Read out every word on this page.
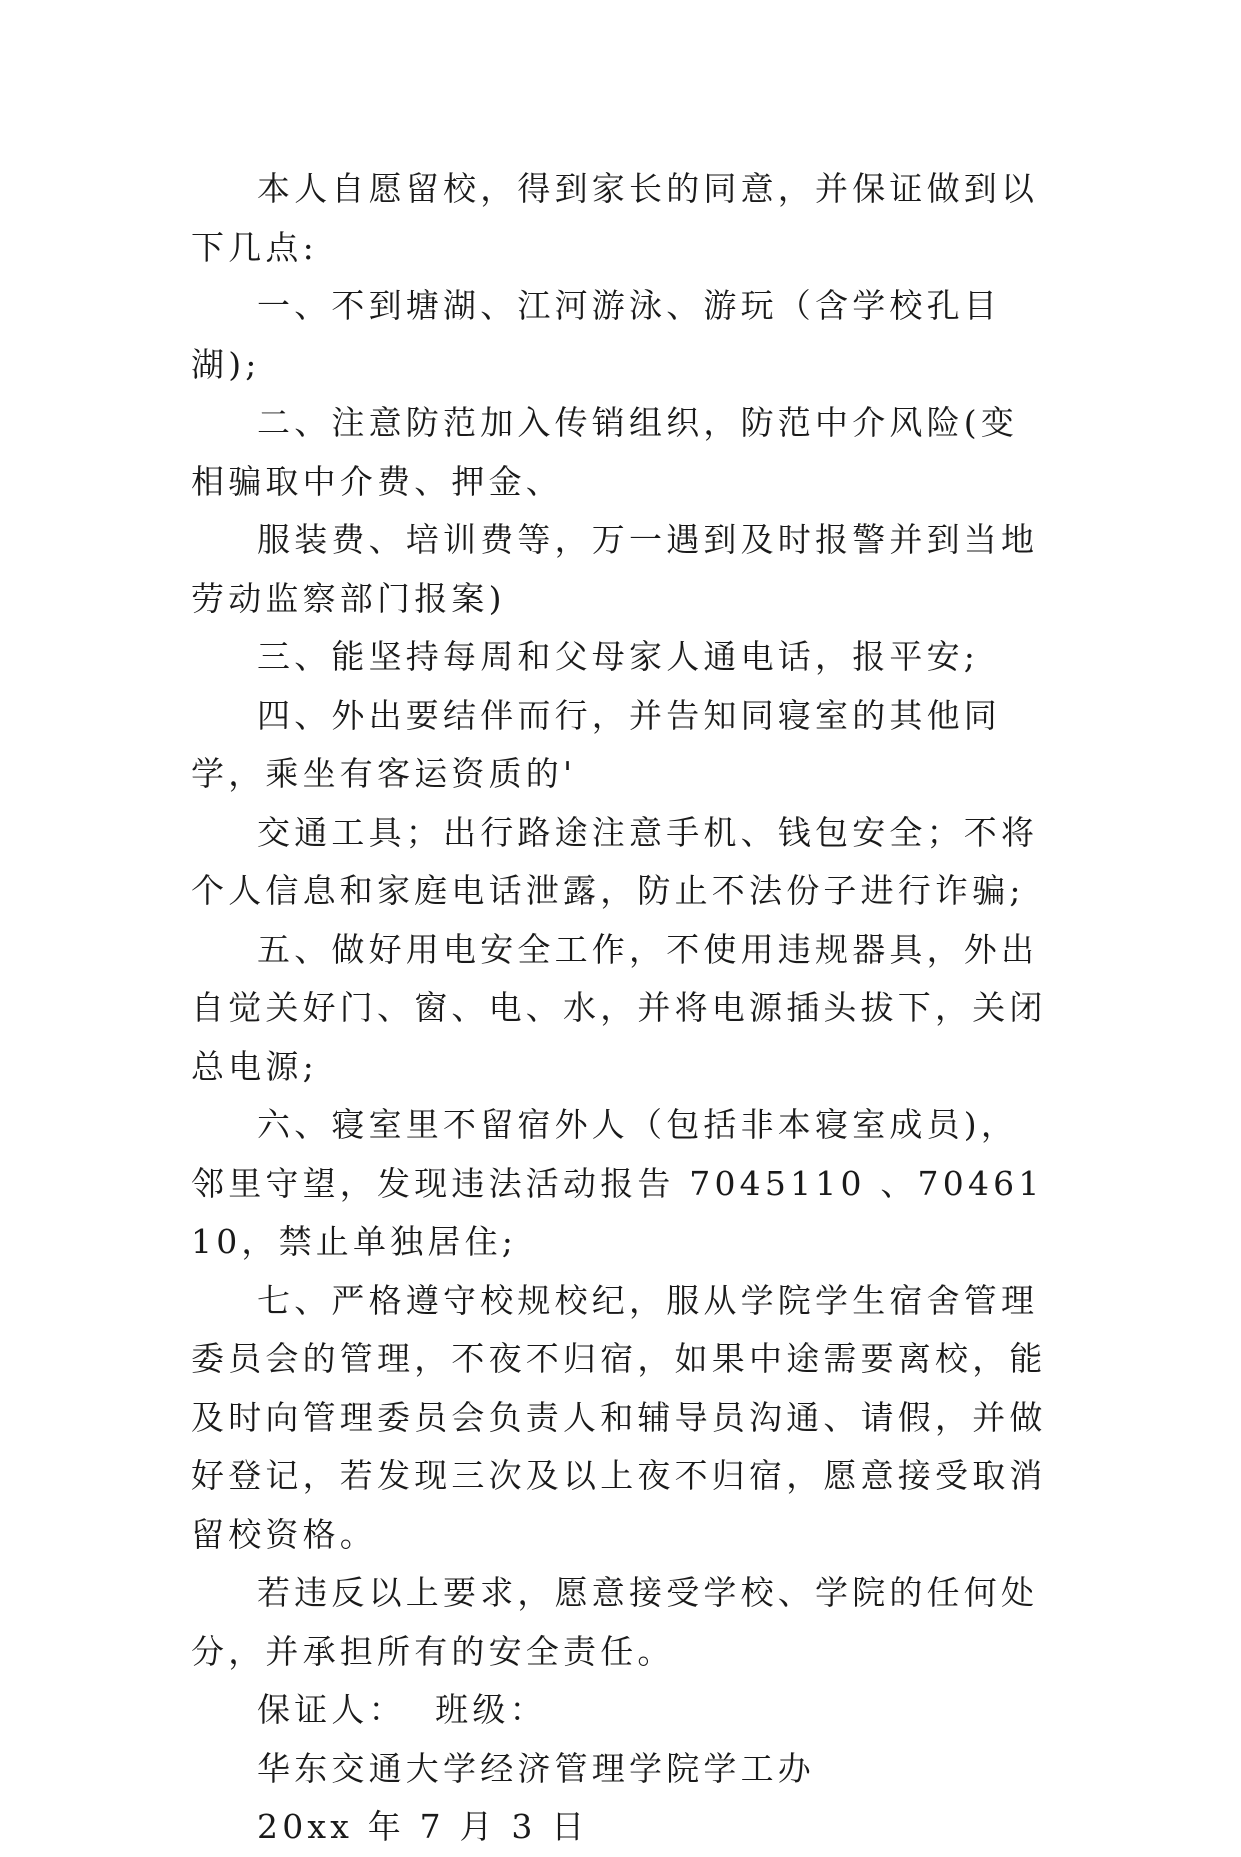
本人自愿留校，得到家长的同意，并保证做到以下几点:

一、不到塘湖、江河游泳、游玩（含学校孔目湖);

二、注意防范加入传销组织，防范中介风险(变相骗取中介费、押金、

服装费、培训费等，万一遇到及时报警并到当地劳动监察部门报案)

三、能坚持每周和父母家人通电话，报平安;

四、外出要结伴而行，并告知同寝室的其他同学，乘坐有客运资质的'

交通工具；出行路途注意手机、钱包安全；不将个人信息和家庭电话泄露，防止不法份子进行诈骗;

五、做好用电安全工作，不使用违规器具，外出自觉关好门、窗、电、水，并将电源插头拔下，关闭总电源;

六、寝室里不留宿外人（包括非本寝室成员)，邻里守望，发现违法活动报告 7045110 、7046110，禁止单独居住;

七、严格遵守校规校纪，服从学院学生宿舍管理委员会的管理，不夜不归宿，如果中途需要离校，能及时向管理委员会负责人和辅导员沟通、请假，并做好登记，若发现三次及以上夜不归宿，愿意接受取消留校资格。

若违反以上要求，愿意接受学校、学院的任何处分，并承担所有的安全责任。

保证人：  班级：

华东交通大学经济管理学院学工办

20xx 年 7 月 3 日
